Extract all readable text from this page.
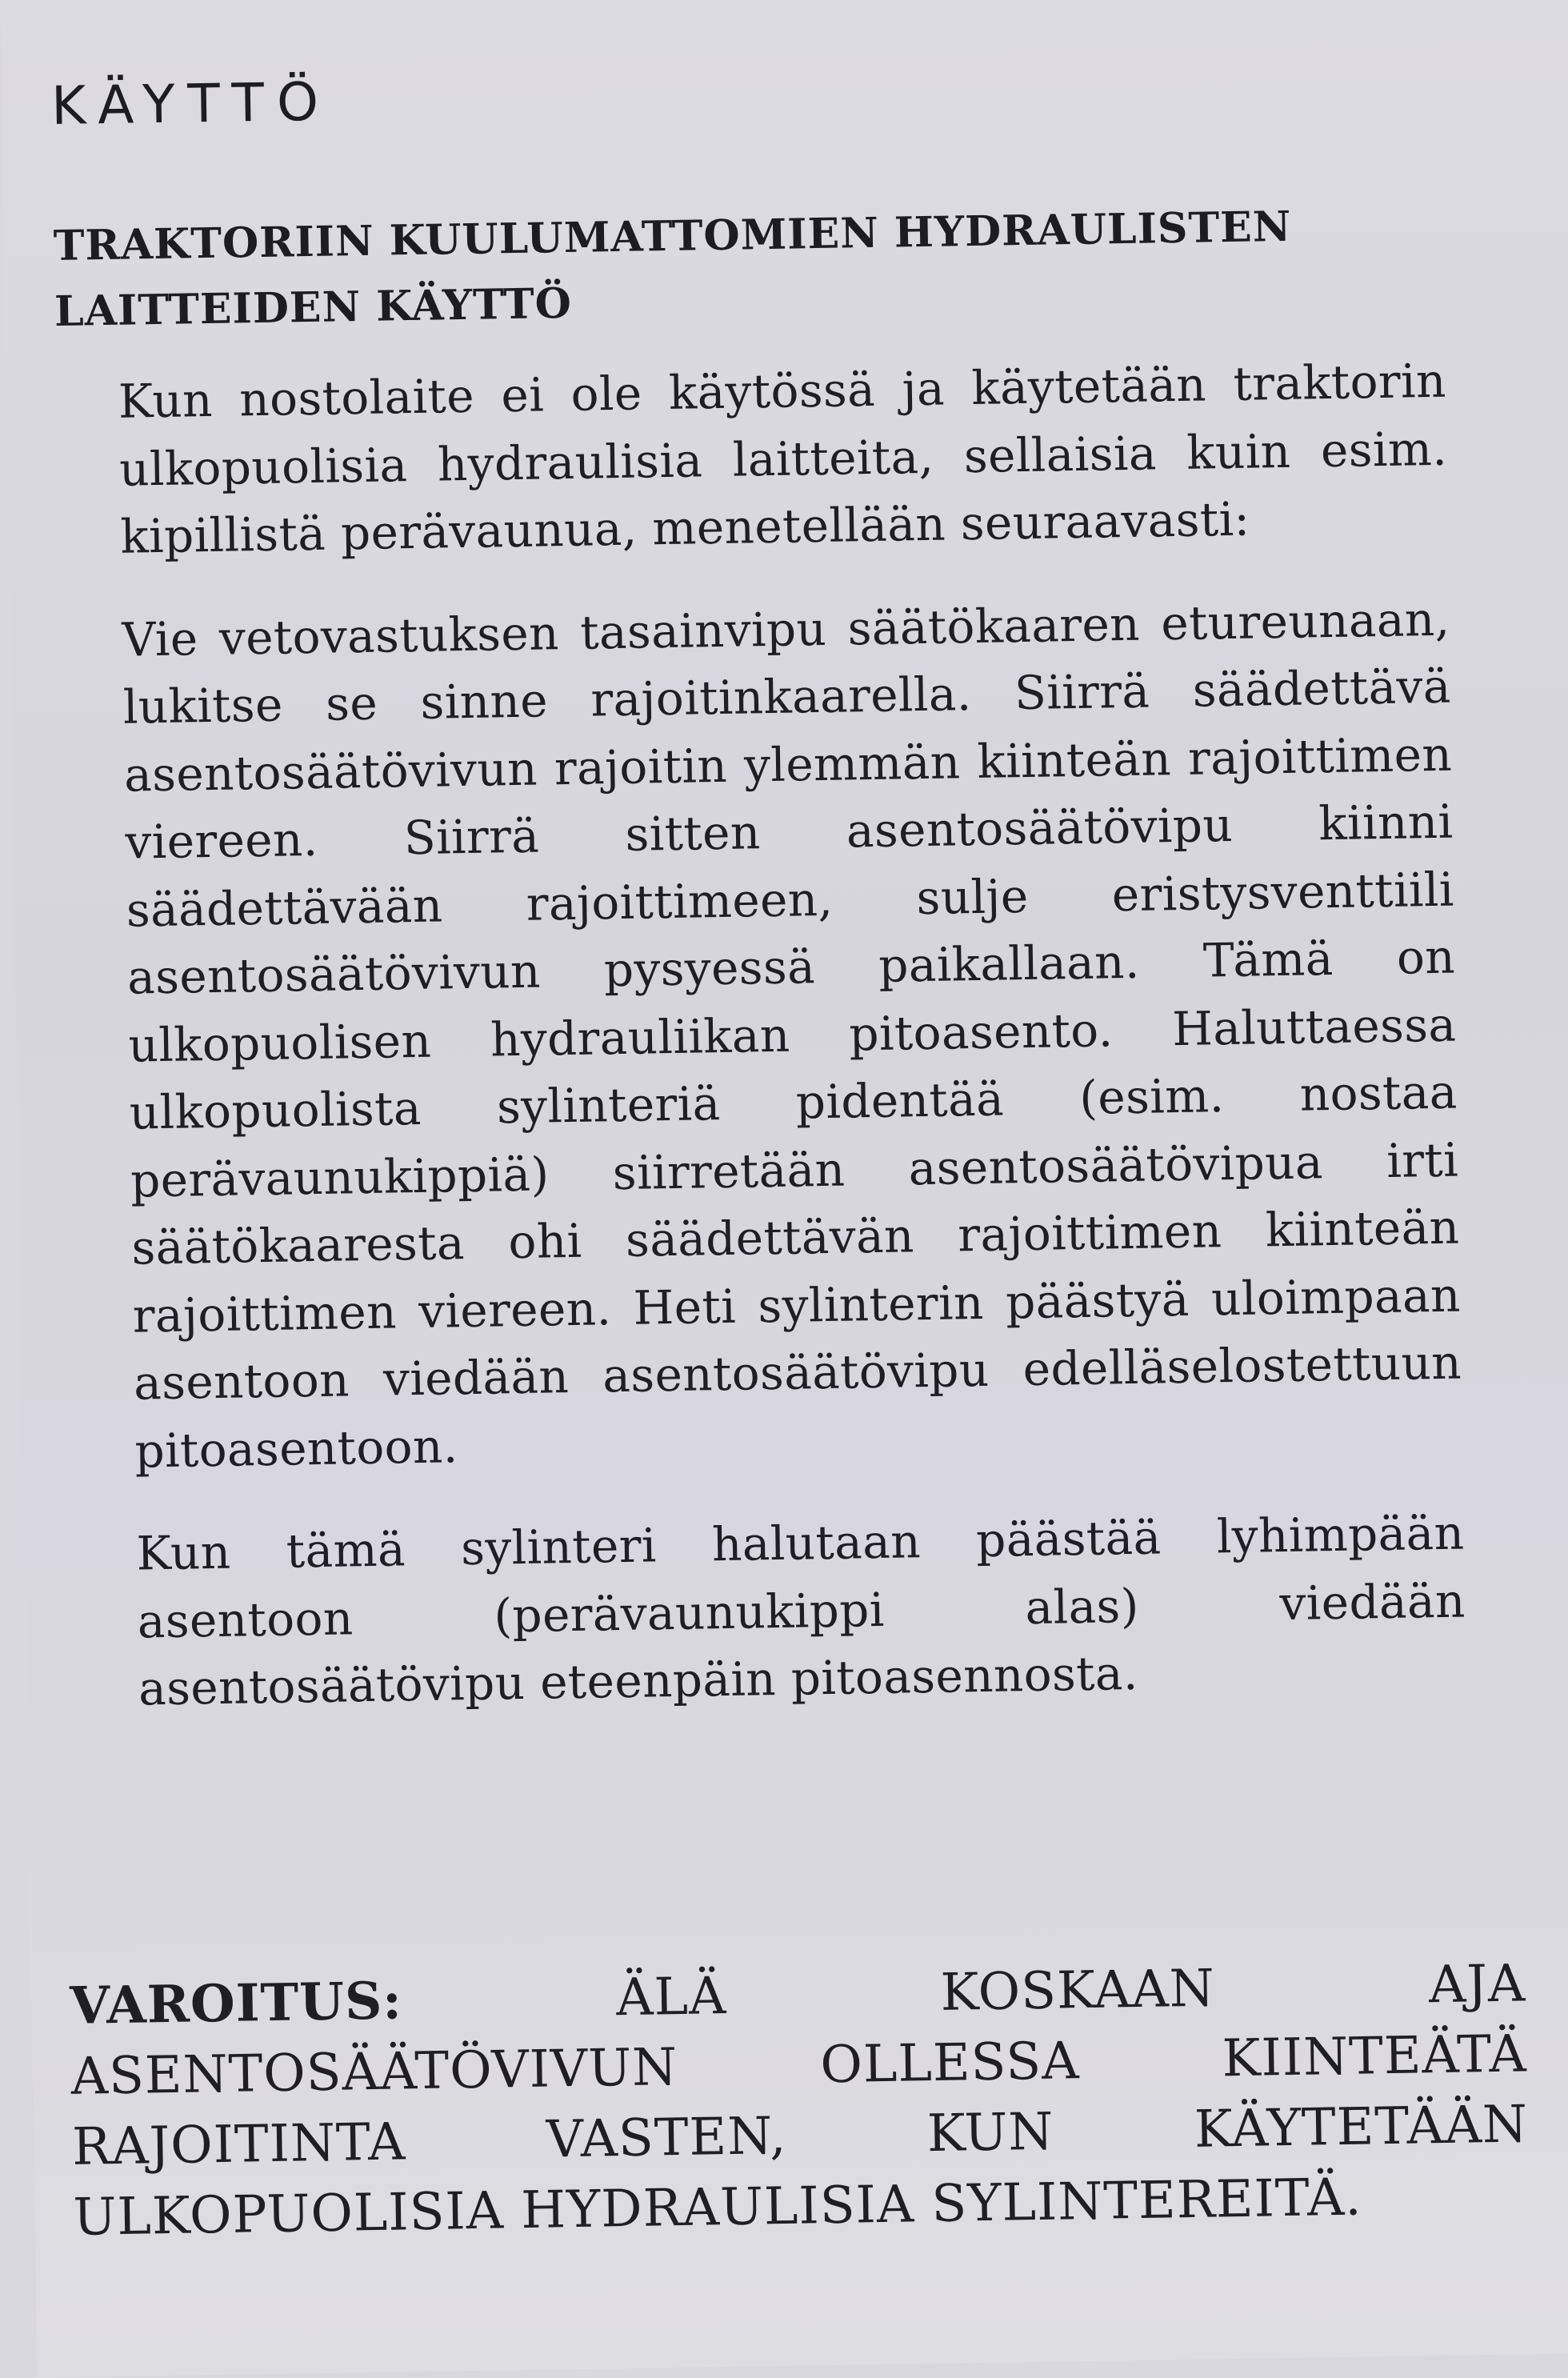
KÄYTTÖ
TRAKTORIIN KUULUMATTOMIEN HYDRAULISTEN LAITTEIDEN KÄYTTÖ

Kun nostolaite ei ole käytössä ja käytetään traktorin ulkopuolisia hydraulisia laitteita, sellaisia kuin esim. kipillistä perävaunua, menetellään seuraavasti:

Vie vetovastuksen tasainvipu säätökaaren etureunaan, lukitse se sinne rajoitinkaarella. Siirrä säädettävä asentosäätövivun rajoitin ylemmän kiinteän rajoittimen viereen. Siirrä sitten asentosäätövipu kiinni säädettävään rajoittimeen, sulje eristysventtiili asentosäätövivun pysyessä paikallaan. Tämä on ulkopuolisen hydrauliikan pitoasento. Haluttaessa ulkopuolista sylinteriä pidentää (esim. nostaa perävaunukippiä) siirretään asentosäätövipua irti säätökaaresta ohi säädettävän rajoittimen kiinteän rajoittimen viereen. Heti sylinterin päästyä uloimpaan asentoon viedään asentosäätövipu edelläselostettuun pitoasentoon.

Kun tämä sylinteri halutaan päästää lyhimpään asentoon (perävaunukippi alas) viedään asentosäätövipu eteenpäin pitoasennosta.

VAROITUS:	ÄLÄ KOSKAAN AJA ASENTOSÄÄTÖVIVUN OLLESSA KIINTEÄTÄ RAJOITINTA VASTEN, KUN KÄYTETÄÄN ULKOPUOLISIA HYDRAULISIA SYLINTEREITÄ.
